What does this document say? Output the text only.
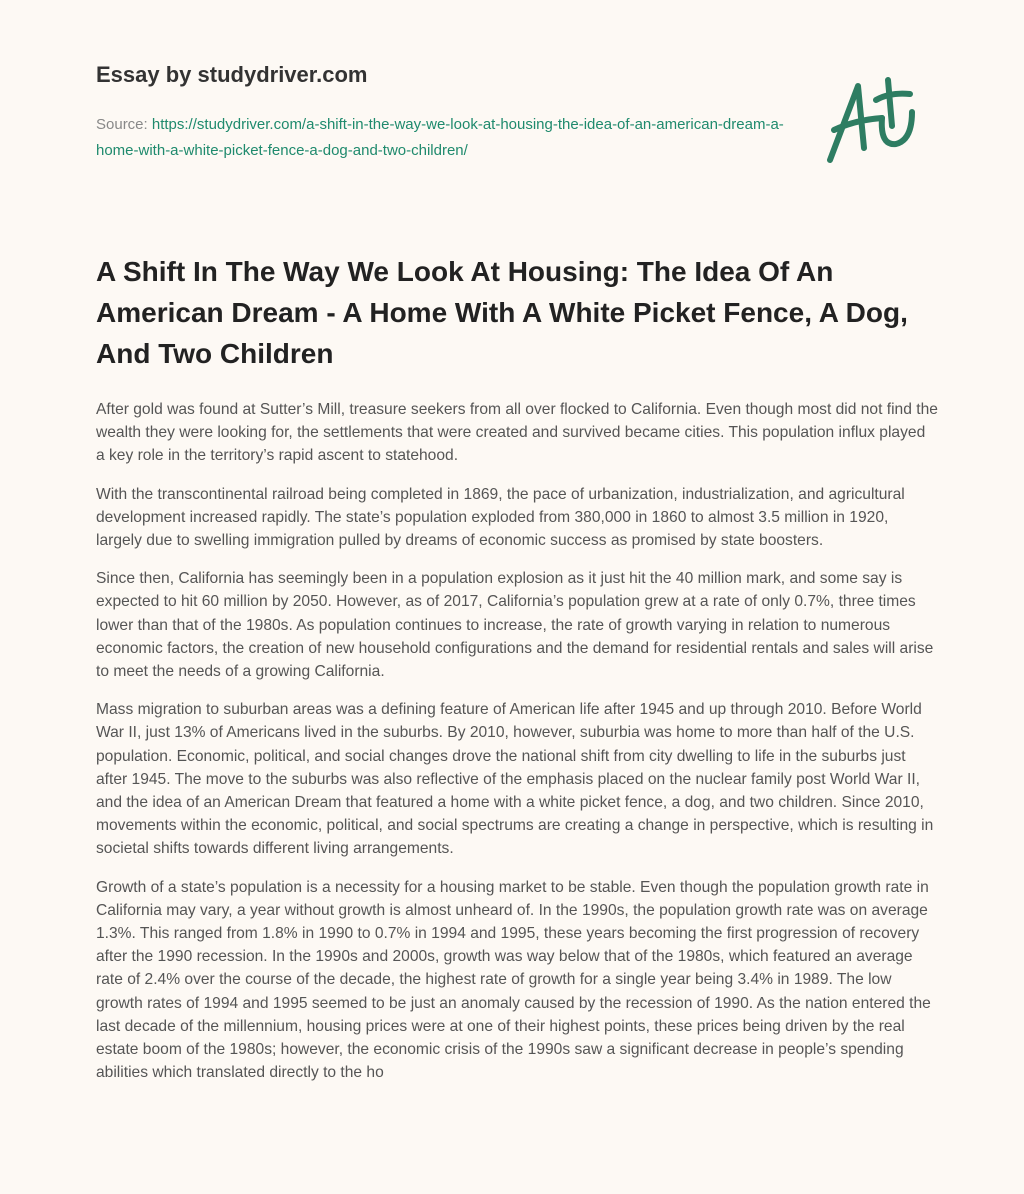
Essay by studydriver.com

Source: https://studydriver.com/a-shift-in-the-way-we-look-at-housing-the-idea-of-an-american-dream-a-home-with-a-white-picket-fence-a-dog-and-two-children/
A Shift In The Way We Look At Housing: The Idea Of An American Dream - A Home With A White Picket Fence, A Dog, And Two Children

After gold was found at Sutter’s Mill, treasure seekers from all over flocked to California. Even though most did not find the wealth they were looking for, the settlements that were created and survived became cities. This population influx played a key role in the territory’s rapid ascent to statehood.

With the transcontinental railroad being completed in 1869, the pace of urbanization, industrialization, and agricultural development increased rapidly. The state’s population exploded from 380,000 in 1860 to almost 3.5 million in 1920, largely due to swelling immigration pulled by dreams of economic success as promised by state boosters.

Since then, California has seemingly been in a population explosion as it just hit the 40 million mark, and some say is expected to hit 60 million by 2050. However, as of 2017, California’s population grew at a rate of only 0.7%, three times lower than that of the 1980s. As population continues to increase, the rate of growth varying in relation to numerous economic factors, the creation of new household configurations and the demand for residential rentals and sales will arise to meet the needs of a growing California.

Mass migration to suburban areas was a defining feature of American life after 1945 and up through 2010. Before World War II, just 13% of Americans lived in the suburbs. By 2010, however, suburbia was home to more than half of the U.S. population. Economic, political, and social changes drove the national shift from city dwelling to life in the suburbs just after 1945. The move to the suburbs was also reflective of the emphasis placed on the nuclear family post World War II, and the idea of an American Dream that featured a home with a white picket fence, a dog, and two children. Since 2010, movements within the economic, political, and social spectrums are creating a change in perspective, which is resulting in societal shifts towards different living arrangements.

Growth of a state’s population is a necessity for a housing market to be stable. Even though the population growth rate in California may vary, a year without growth is almost unheard of. In the 1990s, the population growth rate was on average 1.3%. This ranged from 1.8% in 1990 to 0.7% in 1994 and 1995, these years becoming the first progression of recovery after the 1990 recession. In the 1990s and 2000s, growth was way below that of the 1980s, which featured an average rate of 2.4% over the course of the decade, the highest rate of growth for a single year being 3.4% in 1989. The low growth rates of 1994 and 1995 seemed to be just an anomaly caused by the recession of 1990. As the nation entered the last decade of the millennium, housing prices were at one of their highest points, these prices being driven by the real estate boom of the 1980s; however, the economic crisis of the 1990s saw a significant decrease in people’s spending abilities which translated directly to the ho
